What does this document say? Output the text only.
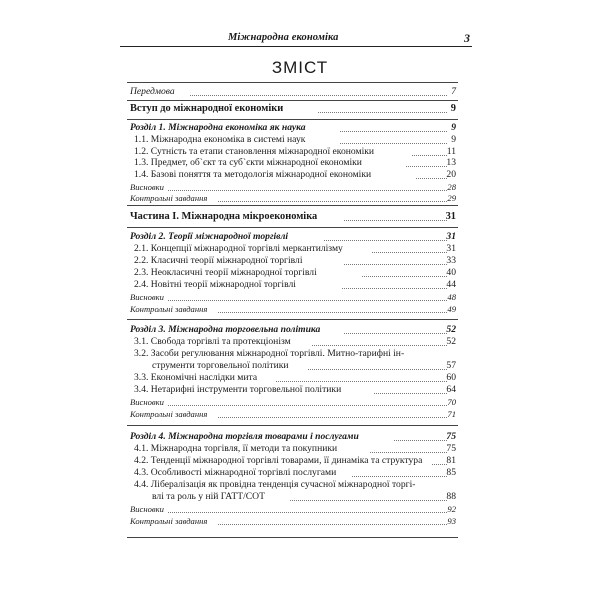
Міжнародна економіка	3
ЗМІСТ
Передмова	7
Вступ до міжнародної економіки	9
Розділ 1. Міжнародна економіка як наука	9
1.1. Міжнародна економіка в системі наук	9
1.2. Сутність та етапи становлення міжнародної економіки	11
1.3. Предмет, об`єкт та суб`єкти міжнародної економіки	13
1.4. Базові поняття та методологія міжнародної економіки	20
Висновки	28
Контрольні завдання	29
Частина І. Міжнародна мікроекономіка	31
Розділ 2. Теорії міжнародної торгівлі	31
2.1. Концепції міжнародної торгівлі меркантилізму	31
2.2. Класичні теорії міжнародної торгівлі	33
2.3. Неокласичні теорії міжнародної торгівлі	40
2.4. Новітні теорії міжнародної торгівлі	44
Висновки	48
Контрольні завдання	49
Розділ 3. Міжнародна торговельна політика	52
3.1. Свобода торгівлі та протекціонізм	52
3.2. Засоби регулювання міжнародної торгівлі. Митно-тарифні ін-
струменти торговельної політики	57
3.3. Економічні наслідки мита	60
3.4. Нетарифні інструменти торговельної політики	64
Висновки	70
Контрольні завдання	71
Розділ 4. Міжнародна торгівля товарами і послугами	75
4.1. Міжнародна торгівля, її методи та покупники	75
4.2. Тенденції міжнародної торгівлі товарами, її динаміка та структура	81
4.3. Особливості міжнародної торгівлі послугами	85
4.4. Лібералізація як провідна тенденція сучасної міжнародної торгі-
влі та роль у ній ГАТТ/СОТ	88
Висновки	92
Контрольні завдання	93
